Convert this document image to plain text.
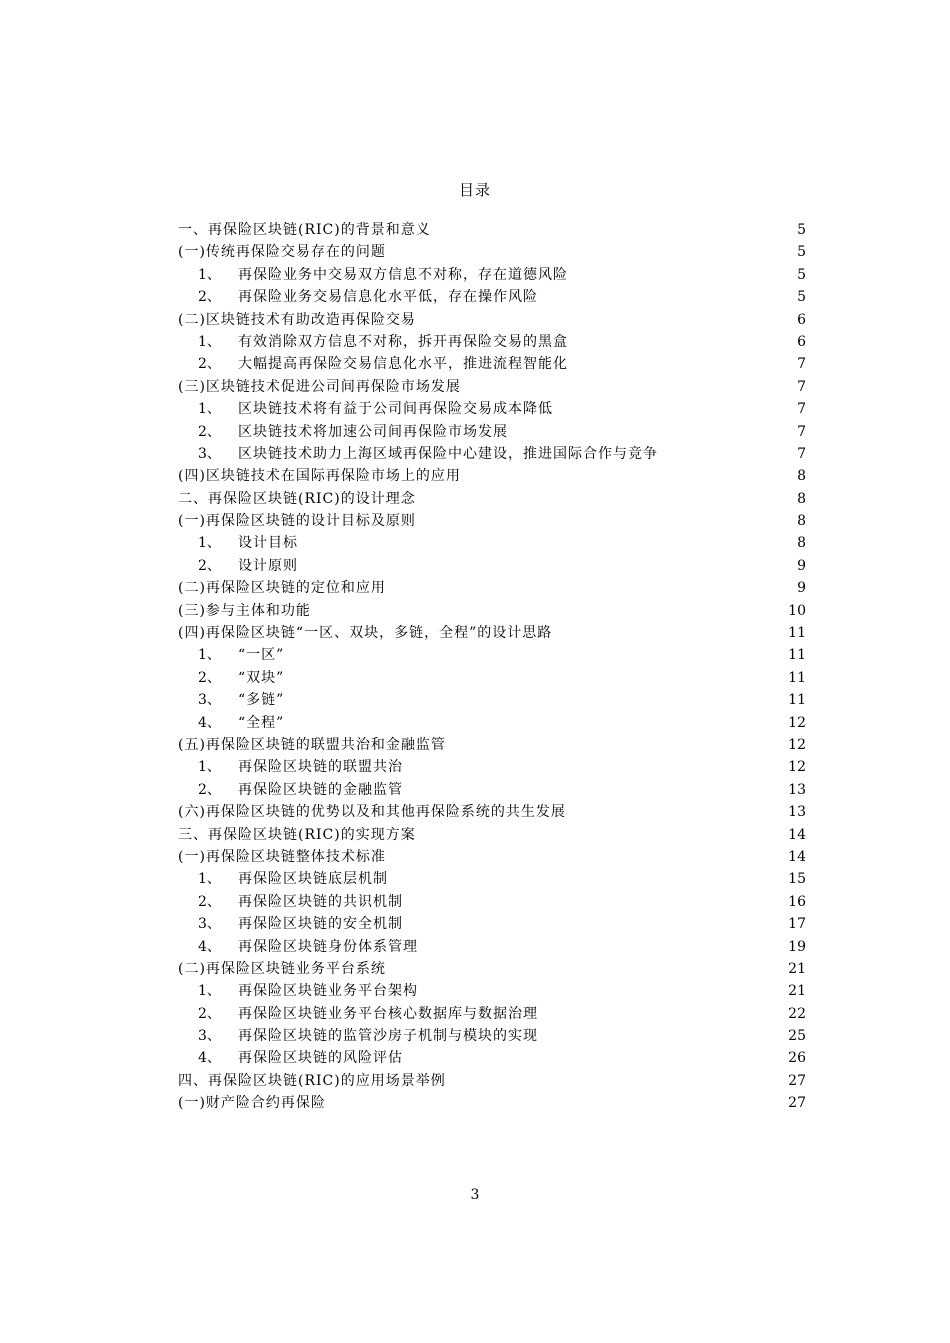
目录
一、再保险区块链(RIC)的背景和意义	5
(一)传统再保险交易存在的问题	5
1、	再保险业务中交易双方信息不对称，存在道德风险	5
2、	再保险业务交易信息化水平低，存在操作风险	5
(二)区块链技术有助改造再保险交易	6
1、	有效消除双方信息不对称，拆开再保险交易的黑盒	6
2、	大幅提高再保险交易信息化水平，推进流程智能化	7
(三)区块链技术促进公司间再保险市场发展	7
1、	区块链技术将有益于公司间再保险交易成本降低	7
2、	区块链技术将加速公司间再保险市场发展	7
3、	区块链技术助力上海区域再保险中心建设，推进国际合作与竞争	7
(四)区块链技术在国际再保险市场上的应用	8
二、再保险区块链(RIC)的设计理念	8
(一)再保险区块链的设计目标及原则	8
1、	设计目标	8
2、	设计原则	9
(二)再保险区块链的定位和应用	9
(三)参与主体和功能	10
(四)再保险区块链“一区、双块，多链，全程”的设计思路	11
1、	“一区”	11
2、	“双块”	11
3、	“多链”	11
4、	“全程”	12
(五)再保险区块链的联盟共治和金融监管	12
1、	再保险区块链的联盟共治	12
2、	再保险区块链的金融监管	13
(六)再保险区块链的优势以及和其他再保险系统的共生发展	13
三、再保险区块链(RIC)的实现方案	14
(一)再保险区块链整体技术标准	14
1、	再保险区块链底层机制	15
2、	再保险区块链的共识机制	16
3、	再保险区块链的安全机制	17
4、	再保险区块链身份体系管理	19
(二)再保险区块链业务平台系统	21
1、	再保险区块链业务平台架构	21
2、	再保险区块链业务平台核心数据库与数据治理	22
3、	再保险区块链的监管沙房子机制与模块的实现	25
4、	再保险区块链的风险评估	26
四、再保险区块链(RIC)的应用场景举例	27
(一)财产险合约再保险	27
3
